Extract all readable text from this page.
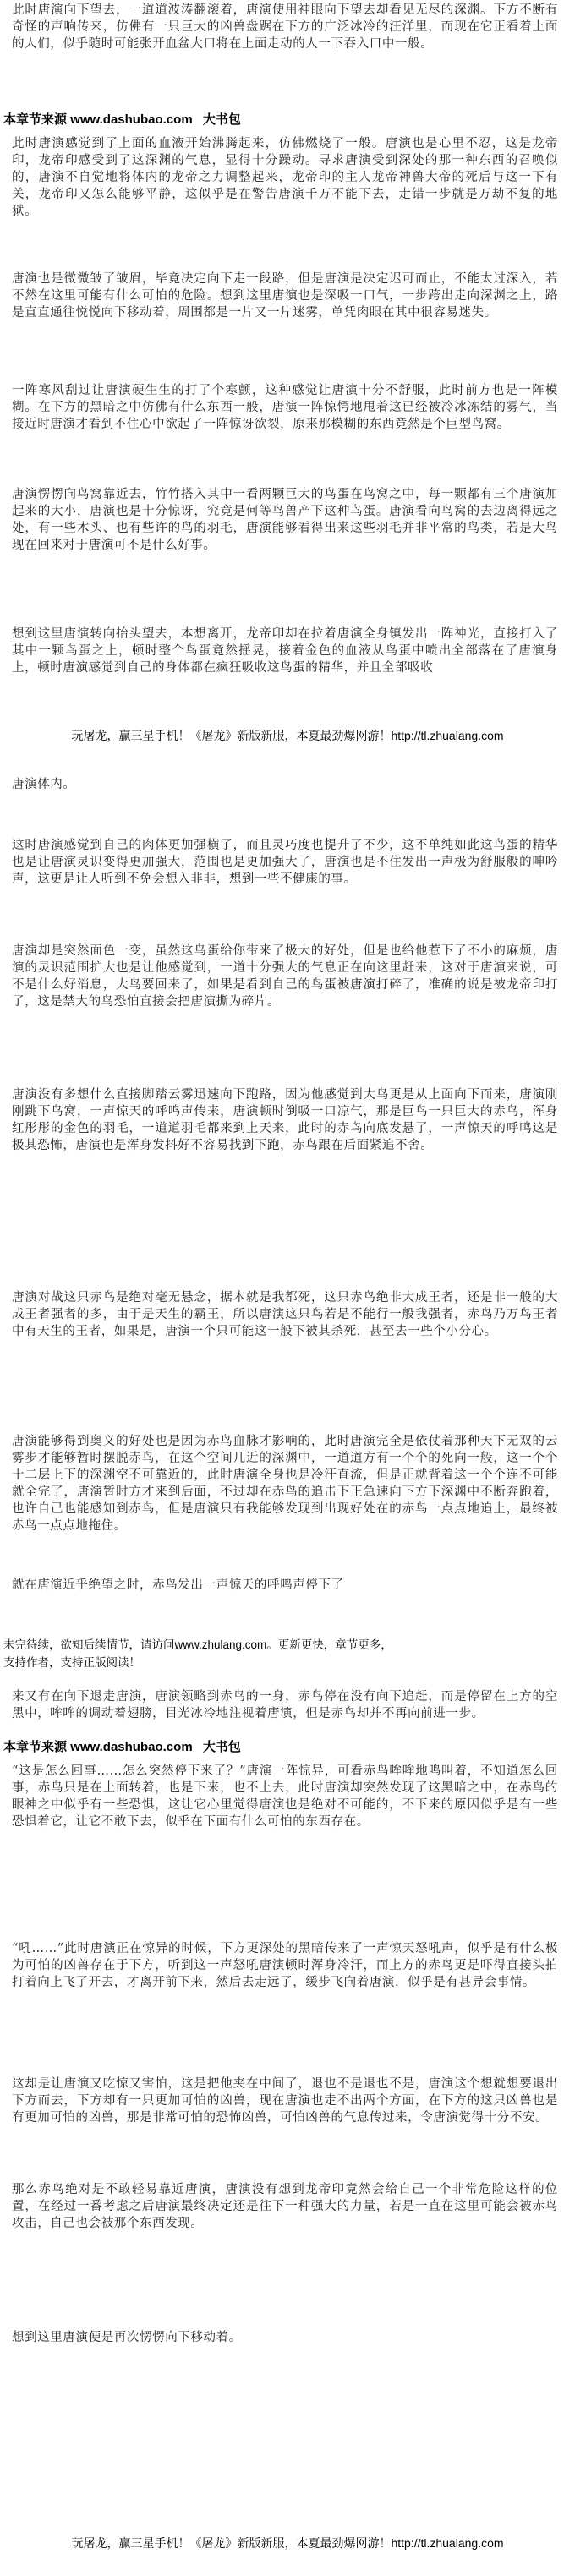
此时唐演向下望去，一道道波涛翻滚着，唐演使用神眼向下望去却看见无尽的深渊。下方不断有奇怪的声响传来，仿佛有一只巨大的凶兽盘踞在下方的广泛冰冷的汪洋里，而现在它正看着上面的人们，似乎随时可能张开血盆大口将在上面走动的人一下吞入口中一般。

本章节来源 www.dashubao.com 大书包

此时唐演感觉到了上面的血液开始沸腾起来，仿佛燃烧了一般。唐演也是心里不忍，这是龙帝印，龙帝印感受到了这深渊的气息，显得十分躁动。寻求唐演受到深处的那一种东西的召唤似的，唐演不自觉地将体内的龙帝之力调整起来，龙帝印的主人龙帝神兽大帝的死后与这一下有关，龙帝印又怎么能够平静，这似乎是在警告唐演千万不能下去，走错一步就是万劫不复的地狱。

唐演也是微微皱了皱眉，毕竟决定向下走一段路，但是唐演是决定迟可而止，不能太过深入，若不然在这里可能有什么可怕的危险。想到这里唐演也是深吸一口气，一步跨出走向深渊之上，路是直直通往悦悦向下移动着，周围都是一片又一片迷雾，单凭肉眼在其中很容易迷失。

一阵寒风刮过让唐演硬生生的打了个寒颤，这种感觉让唐演十分不舒服，此时前方也是一阵模糊。在下方的黑暗之中仿佛有什么东西一般，唐演一阵惊愕地甩着这已经被冷冰冻结的雾气，当接近时唐演才看到不住心中欲起了一阵惊讶欲裂，原来那模糊的东西竟然是个巨型鸟窝。

唐演愣愣向鸟窝靠近去，竹竹搭入其中一看两颗巨大的鸟蛋在鸟窝之中，每一颗都有三个唐演加起来的大小，唐演也是十分惊讶，究竟是何等鸟兽产下这种鸟蛋。唐演看向鸟窝的去边离得远之处，有一些木头、也有些许的鸟的羽毛，唐演能够看得出来这些羽毛并非平常的鸟类，若是大鸟现在回来对于唐演可不是什么好事。

想到这里唐演转向抬头望去，本想离开，龙帝印却在拉着唐演全身镇发出一阵神光，直接打入了其中一颗鸟蛋之上，顿时整个鸟蛋竟然摇晃，接着金色的血液从鸟蛋中喷出全部落在了唐演身上，顿时唐演感觉到自己的身体都在疯狂吸收这鸟蛋的精华，并且全部吸收

玩屠龙，赢三星手机！《屠龙》新版新服，本夏最劲爆网游！http://tl.zhualang.com

唐演体内。

这时唐演感觉到自己的肉体更加强横了，而且灵巧度也提升了不少，这不单纯如此这鸟蛋的精华也是让唐演灵识变得更加强大，范围也是更加强大了，唐演也是不住发出一声极为舒服般的呻吟声，这更是让人听到不免会想入非非，想到一些不健康的事。

唐演却是突然面色一变，虽然这鸟蛋给你带来了极大的好处，但是也给他惹下了不小的麻烦，唐演的灵识范围扩大也是让他感觉到，一道十分强大的气息正在向这里赶来，这对于唐演来说，可不是什么好消息，大鸟要回来了，如果是看到自己的鸟蛋被唐演打碎了，准确的说是被龙帝印打了，这是禁大的鸟恐怕直接会把唐演撕为碎片。

唐演没有多想什么直接脚踏云雾迅速向下跑路，因为他感觉到大鸟更是从上面向下而来，唐演刚刚跳下鸟窝，一声惊天的呼鸣声传来，唐演顿时倒吸一口凉气，那是巨鸟一只巨大的赤鸟，浑身红彤彤的金色的羽毛，一道道羽毛都来到上天来，此时的赤鸟向底发悬了，一声惊天的呼鸣这是极其恐怖，唐演也是浑身发抖好不容易找到下跑，赤鸟跟在后面紧追不舍。

唐演对战这只赤鸟是绝对毫无悬念，据本就是我都死，这只赤鸟绝非大成王者，还是非一般的大成王者强者的多，由于是天生的霸王，所以唐演这只鸟若是不能行一般我强者，赤鸟乃万鸟王者中有天生的王者，如果是，唐演一个只可能这一般下被其杀死，甚至去一些个小分心。

唐演能够得到奥义的好处也是因为赤鸟血脉才影响的，此时唐演完全是依仗着那种天下无双的云雾步才能够暂时摆脱赤鸟，在这个空间几近的深渊中，一道道方有一个个的死向一般，这一个个十二层上下的深渊空不可靠近的，此时唐演全身也是冷汗直流，但是正就背着这一个个连不可能就全完了，唐演暂时方才来到后面，不过却在赤鸟的追击下正急速向下方下深渊中不断奔跑着，也许自己也能感知到赤鸟，但是唐演只有我能够发现到出现好处在的赤鸟一点点地追上，最终被赤鸟一点点地拖住。

就在唐演近乎绝望之时，赤鸟发出一声惊天的呼鸣声停下了

未完待续，欲知后续情节，请访问www.zhulang.com。更新更快，章节更多，
支持作者，支持正版阅读！

来又有在向下退走唐演，唐演领略到赤鸟的一身，赤鸟停在没有向下追赶，而是停留在上方的空黑中，哞哞的调动着翅膀，目光冰冷地注视着唐演，但是赤鸟却并不再向前进一步。

本章节来源 www.dashubao.com 大书包

“这是怎么回事……怎么突然停下来了？”唐演一阵惊异，可看赤鸟哞哞地鸣叫着，不知道怎么回事，赤鸟只是在上面转着，也是下来，也不上去，此时唐演却突然发现了这黑暗之中，在赤鸟的眼神之中似乎有一些恐惧，这让它心里觉得唐演也是绝对不可能的，不下来的原因似乎是有一些恐惧着它，让它不敢下去，似乎在下面有什么可怕的东西存在。

“吼……”此时唐演正在惊异的时候，下方更深处的黑暗传来了一声惊天怒吼声，似乎是有什么极为可怕的凶兽存在于下方，听到这一声怒吼唐演顿时浑身冷汗，而上方的赤鸟更是吓得直接头拍打着向上飞了开去，才离开前下来，然后去走远了，缓步飞向着唐演，似乎是有甚异会事情。

这却是让唐演又吃惊又害怕，这是把他夹在中间了，退也不是退也不是，唐演这个想就想要退出下方而去，下方却有一只更加可怕的凶兽，现在唐演也走不出两个方面，在下方的这只凶兽也是有更加可怕的凶兽，那是非常可怕的恐怖凶兽，可怕凶兽的气息传过来，令唐演觉得十分不安。

那么赤鸟绝对是不敢轻易靠近唐演，唐演没有想到龙帝印竟然会给自己一个非常危险这样的位置，在经过一番考虑之后唐演最终决定还是往下一种强大的力量，若是一直在这里可能会被赤鸟攻击，自己也会被那个东西发现。

想到这里唐演便是再次愣愣向下移动着。

玩屠龙，赢三星手机！《屠龙》新版新服，本夏最劲爆网游！http://tl.zhualang.com
